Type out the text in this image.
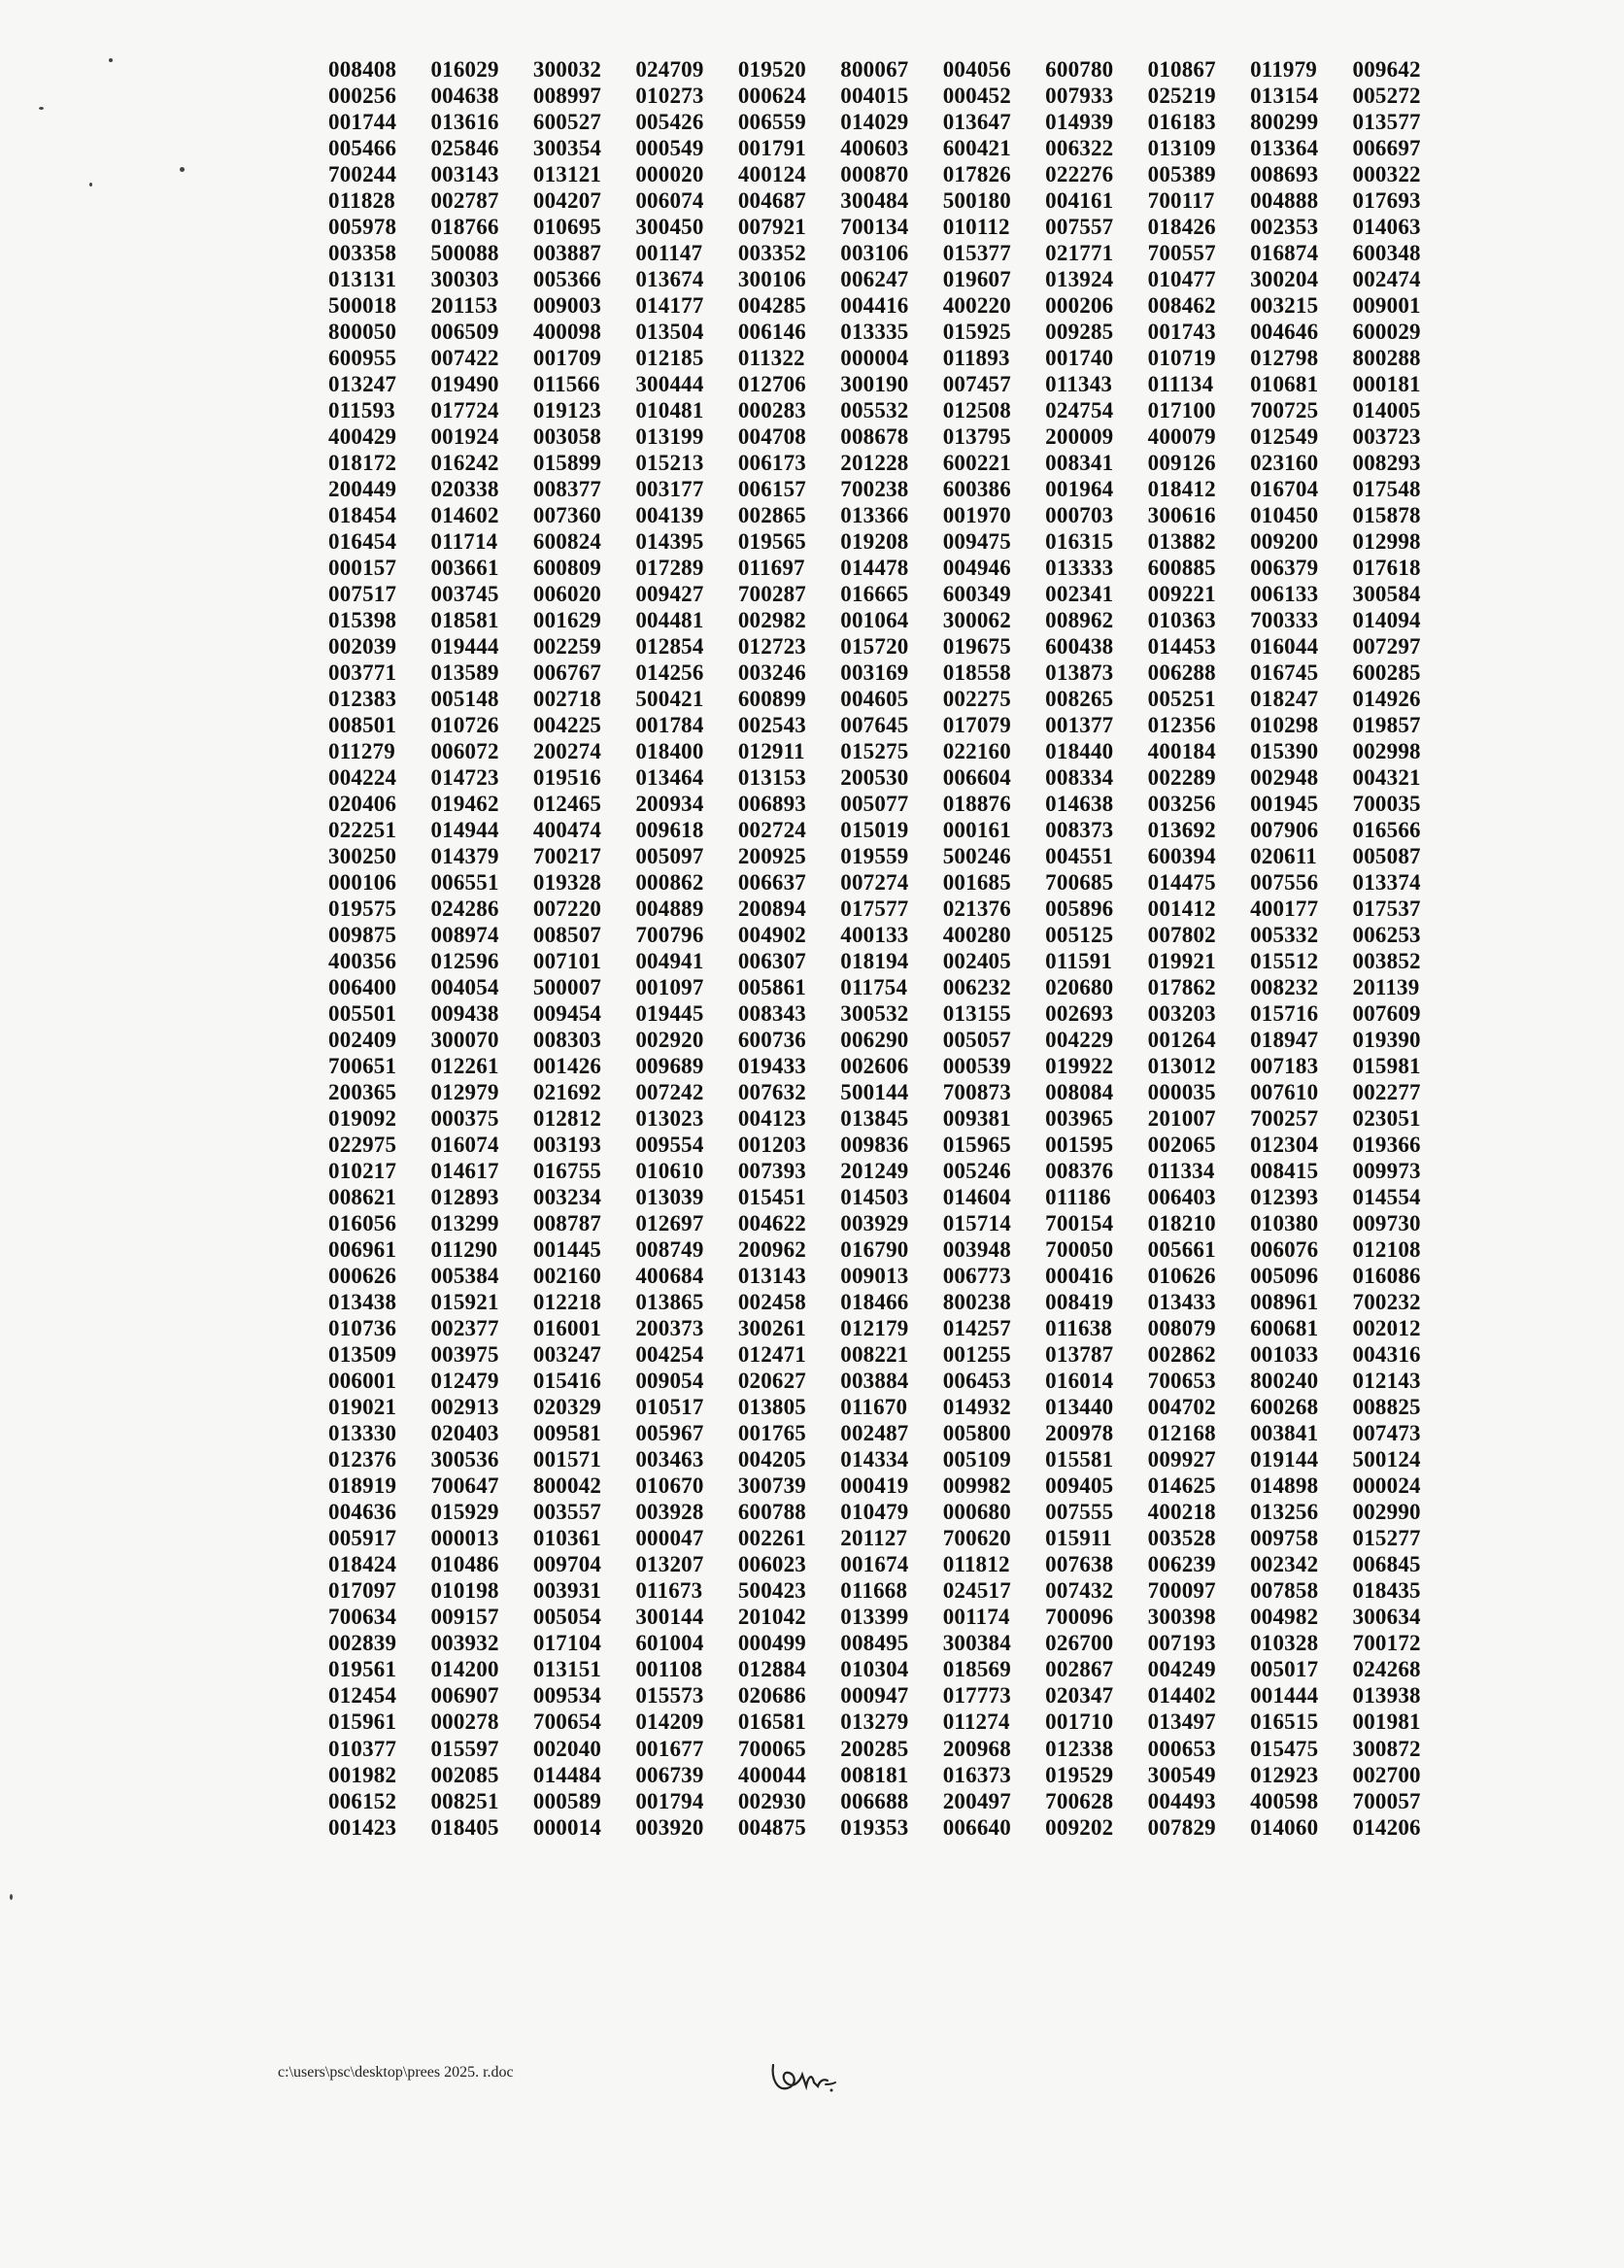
008408	016029	300032	024709	019520	800067	004056	600780	010867	011979	009642
000256	004638	008997	010273	000624	004015	000452	007933	025219	013154	005272
001744	013616	600527	005426	006559	014029	013647	014939	016183	800299	013577
005466	025846	300354	000549	001791	400603	600421	006322	013109	013364	006697
700244	003143	013121	000020	400124	000870	017826	022276	005389	008693	000322
011828	002787	004207	006074	004687	300484	500180	004161	700117	004888	017693
005978	018766	010695	300450	007921	700134	010112	007557	018426	002353	014063
003358	500088	003887	001147	003352	003106	015377	021771	700557	016874	600348
013131	300303	005366	013674	300106	006247	019607	013924	010477	300204	002474
500018	201153	009003	014177	004285	004416	400220	000206	008462	003215	009001
800050	006509	400098	013504	006146	013335	015925	009285	001743	004646	600029
600955	007422	001709	012185	011322	000004	011893	001740	010719	012798	800288
013247	019490	011566	300444	012706	300190	007457	011343	011134	010681	000181
011593	017724	019123	010481	000283	005532	012508	024754	017100	700725	014005
400429	001924	003058	013199	004708	008678	013795	200009	400079	012549	003723
018172	016242	015899	015213	006173	201228	600221	008341	009126	023160	008293
200449	020338	008377	003177	006157	700238	600386	001964	018412	016704	017548
018454	014602	007360	004139	002865	013366	001970	000703	300616	010450	015878
016454	011714	600824	014395	019565	019208	009475	016315	013882	009200	012998
000157	003661	600809	017289	011697	014478	004946	013333	600885	006379	017618
007517	003745	006020	009427	700287	016665	600349	002341	009221	006133	300584
015398	018581	001629	004481	002982	001064	300062	008962	010363	700333	014094
002039	019444	002259	012854	012723	015720	019675	600438	014453	016044	007297
003771	013589	006767	014256	003246	003169	018558	013873	006288	016745	600285
012383	005148	002718	500421	600899	004605	002275	008265	005251	018247	014926
008501	010726	004225	001784	002543	007645	017079	001377	012356	010298	019857
011279	006072	200274	018400	012911	015275	022160	018440	400184	015390	002998
004224	014723	019516	013464	013153	200530	006604	008334	002289	002948	004321
020406	019462	012465	200934	006893	005077	018876	014638	003256	001945	700035
022251	014944	400474	009618	002724	015019	000161	008373	013692	007906	016566
300250	014379	700217	005097	200925	019559	500246	004551	600394	020611	005087
000106	006551	019328	000862	006637	007274	001685	700685	014475	007556	013374
019575	024286	007220	004889	200894	017577	021376	005896	001412	400177	017537
009875	008974	008507	700796	004902	400133	400280	005125	007802	005332	006253
400356	012596	007101	004941	006307	018194	002405	011591	019921	015512	003852
006400	004054	500007	001097	005861	011754	006232	020680	017862	008232	201139
005501	009438	009454	019445	008343	300532	013155	002693	003203	015716	007609
002409	300070	008303	002920	600736	006290	005057	004229	001264	018947	019390
700651	012261	001426	009689	019433	002606	000539	019922	013012	007183	015981
200365	012979	021692	007242	007632	500144	700873	008084	000035	007610	002277
019092	000375	012812	013023	004123	013845	009381	003965	201007	700257	023051
022975	016074	003193	009554	001203	009836	015965	001595	002065	012304	019366
010217	014617	016755	010610	007393	201249	005246	008376	011334	008415	009973
008621	012893	003234	013039	015451	014503	014604	011186	006403	012393	014554
016056	013299	008787	012697	004622	003929	015714	700154	018210	010380	009730
006961	011290	001445	008749	200962	016790	003948	700050	005661	006076	012108
000626	005384	002160	400684	013143	009013	006773	000416	010626	005096	016086
013438	015921	012218	013865	002458	018466	800238	008419	013433	008961	700232
010736	002377	016001	200373	300261	012179	014257	011638	008079	600681	002012
013509	003975	003247	004254	012471	008221	001255	013787	002862	001033	004316
006001	012479	015416	009054	020627	003884	006453	016014	700653	800240	012143
019021	002913	020329	010517	013805	011670	014932	013440	004702	600268	008825
013330	020403	009581	005967	001765	002487	005800	200978	012168	003841	007473
012376	300536	001571	003463	004205	014334	005109	015581	009927	019144	500124
018919	700647	800042	010670	300739	000419	009982	009405	014625	014898	000024
004636	015929	003557	003928	600788	010479	000680	007555	400218	013256	002990
005917	000013	010361	000047	002261	201127	700620	015911	003528	009758	015277
018424	010486	009704	013207	006023	001674	011812	007638	006239	002342	006845
017097	010198	003931	011673	500423	011668	024517	007432	700097	007858	018435
700634	009157	005054	300144	201042	013399	001174	700096	300398	004982	300634
002839	003932	017104	601004	000499	008495	300384	026700	007193	010328	700172
019561	014200	013151	001108	012884	010304	018569	002867	004249	005017	024268
012454	006907	009534	015573	020686	000947	017773	020347	014402	001444	013938
015961	000278	700654	014209	016581	013279	011274	001710	013497	016515	001981
010377	015597	002040	001677	700065	200285	200968	012338	000653	015475	300872
001982	002085	014484	006739	400044	008181	016373	019529	300549	012923	002700
006152	008251	000589	001794	002930	006688	200497	700628	004493	400598	700057
001423	018405	000014	003920	004875	019353	006640	009202	007829	014060	014206
c:\users\psc\desktop\prees 2025. r.doc
